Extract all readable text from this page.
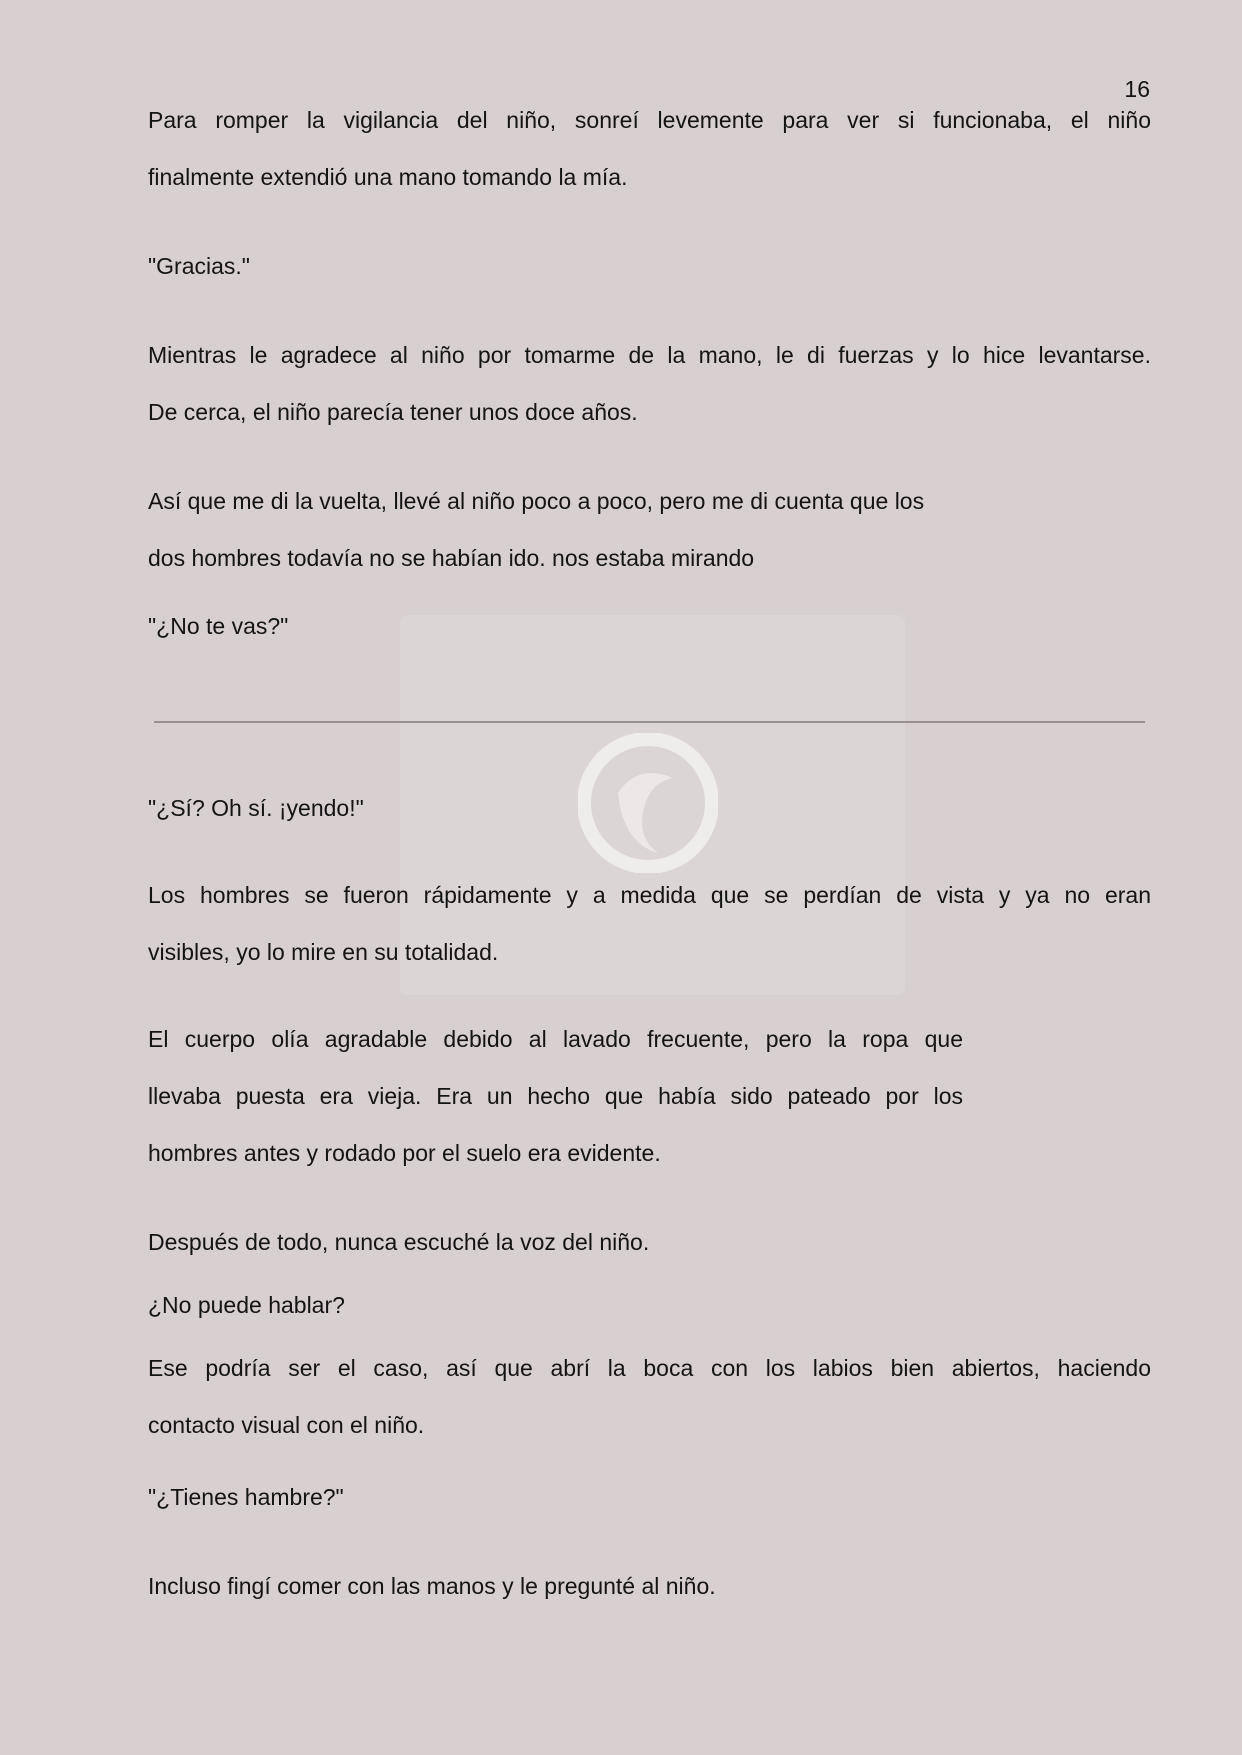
16
Para romper la vigilancia del niño, sonreí levemente para ver si funcionaba, el niño
finalmente extendió una mano tomando la mía.
"Gracias."
Mientras le agradece al niño por tomarme de la mano, le di fuerzas y lo hice levantarse.
De cerca, el niño parecía tener unos doce años.
Así que me di la vuelta, llevé al niño poco a poco, pero me di cuenta que los
dos hombres todavía no se habían ido. nos estaba mirando
"¿No te vas?"
"¿Sí? Oh sí. ¡yendo!"
Los hombres se fueron rápidamente y a medida que se perdían de vista y ya no eran
visibles, yo lo mire en su totalidad.
El cuerpo olía agradable debido al lavado frecuente, pero la ropa que
llevaba puesta era vieja. Era un hecho que había sido pateado por los
hombres antes y rodado por el suelo era evidente.
Después de todo, nunca escuché la voz del niño.
¿No puede hablar?
Ese podría ser el caso, así que abrí la boca con los labios bien abiertos, haciendo
contacto visual con el niño.
"¿Tienes hambre?"
Incluso fingí comer con las manos y le pregunté al niño.
